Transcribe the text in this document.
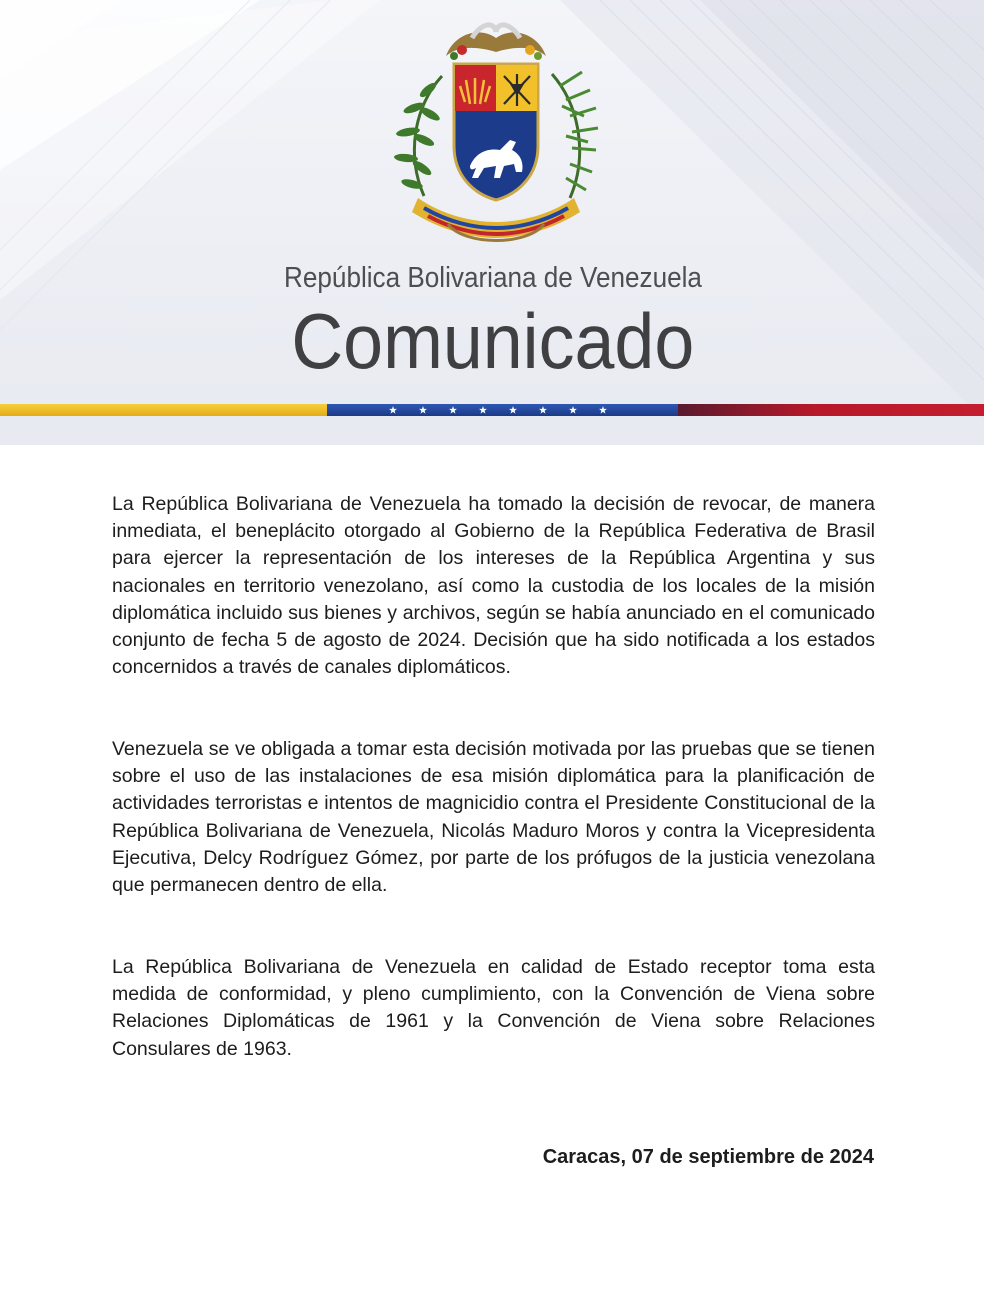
República Bolivariana de Venezuela
Comunicado

La República Bolivariana de Venezuela ha tomado la decisión de revocar, de manera inmediata, el beneplácito otorgado al Gobierno de la República Federativa de Brasil para ejercer la representación de los intereses de la República Argentina y sus nacionales en territorio venezolano, así como la custodia de los locales de la misión diplomática incluido sus bienes y archivos, según se había anunciado en el comunicado conjunto de fecha 5 de agosto de 2024. Decisión que ha sido notificada a los estados concernidos a través de canales diplomáticos.

Venezuela se ve obligada a tomar esta decisión motivada por las pruebas que se tienen sobre el uso de las instalaciones de esa misión diplomática para la planificación de actividades terroristas e intentos de magnicidio contra el Presidente Constitucional de la República Bolivariana de Venezuela, Nicolás Maduro Moros y contra la Vicepresidenta Ejecutiva, Delcy Rodríguez Gómez, por parte de los prófugos de la justicia venezolana que permanecen dentro de ella.

La República Bolivariana de Venezuela en calidad de Estado receptor toma esta medida de conformidad, y pleno cumplimiento, con la Convención de Viena sobre Relaciones Diplomáticas de 1961 y la Convención de Viena sobre Relaciones Consulares de 1963.

Caracas, 07 de septiembre de 2024
